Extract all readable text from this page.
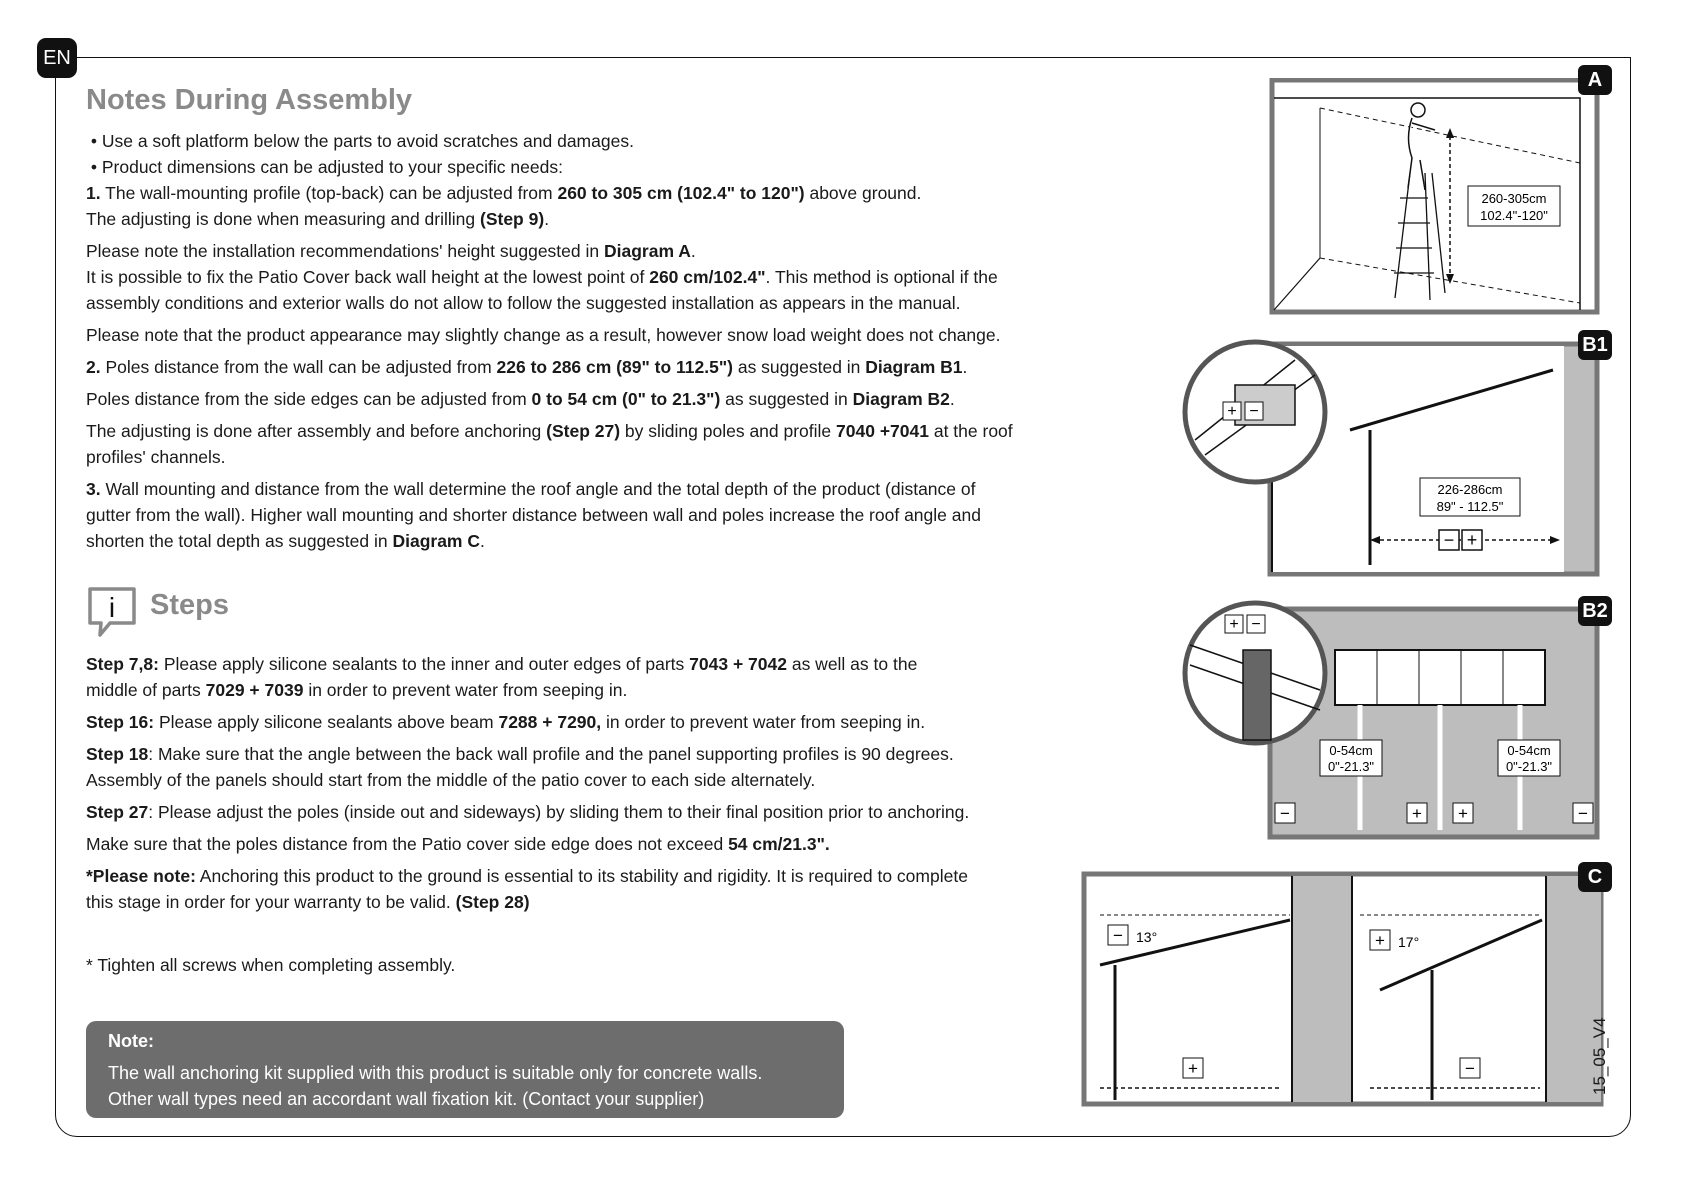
EN
Notes During Assembly

• Use a soft platform below the parts to avoid scratches and damages.

• Product dimensions can be adjusted to your specific needs:

1. The wall-mounting profile (top-back) can be adjusted from 260 to 305 cm (102.4" to 120") above ground.

The adjusting is done when measuring and drilling (Step 9).

Please note the installation recommendations' height suggested in Diagram A.

It is possible to fix the Patio Cover back wall height at the lowest point of 260 cm/102.4". This method is optional if the

assembly conditions and exterior walls do not allow to follow the suggested installation as appears in the manual.

Please note that the product appearance may slightly change as a result, however snow load weight does not change.

2. Poles distance from the wall can be adjusted from 226 to 286 cm (89" to 112.5") as suggested in Diagram B1.

Poles distance from the side edges can be adjusted from 0 to 54 cm (0" to 21.3") as suggested in Diagram B2.

The adjusting is done after assembly and before anchoring (Step 27) by sliding poles and profile 7040 +7041 at the roof

profiles' channels.

3. Wall mounting and distance from the wall determine the roof angle and the total depth of the product (distance of

gutter from the wall). Higher wall mounting and shorter distance between wall and poles increase the roof angle and

shorten the total depth as suggested in Diagram C.

i Steps

Step 7,8: Please apply silicone sealants to the inner and outer edges of parts 7043 + 7042 as well as to the

middle of parts 7029 + 7039 in order to prevent water from seeping in.

Step 16: Please apply silicone sealants above beam 7288 + 7290, in order to prevent water from seeping in.

Step 18: Make sure that the angle between the back wall profile and the panel supporting profiles is 90 degrees.

Assembly of the panels should start from the middle of the patio cover to each side alternately.

Step 27: Please adjust the poles (inside out and sideways) by sliding them to their final position prior to anchoring.

Make sure that the poles distance from the Patio cover side edge does not exceed 54 cm/21.3".

*Please note: Anchoring this product to the ground is essential to its stability and rigidity. It is required to complete

this stage in order for your warranty to be valid. (Step 28)

* Tighten all screws when completing assembly.

Note:
The wall anchoring kit supplied with this product is suitable only for concrete walls.
Other wall types need an accordant wall fixation kit. (Contact your supplier)
260-305cm
102.4"-120"
A
226-286cm
89" - 112.5"
− +
+ −
B1
0-54cm
0"-21.3"
0-54cm
0"-21.3"
−	+ +	−
+ −
B2
− 13°
+
+ 17°
−
C
15_05_V4
